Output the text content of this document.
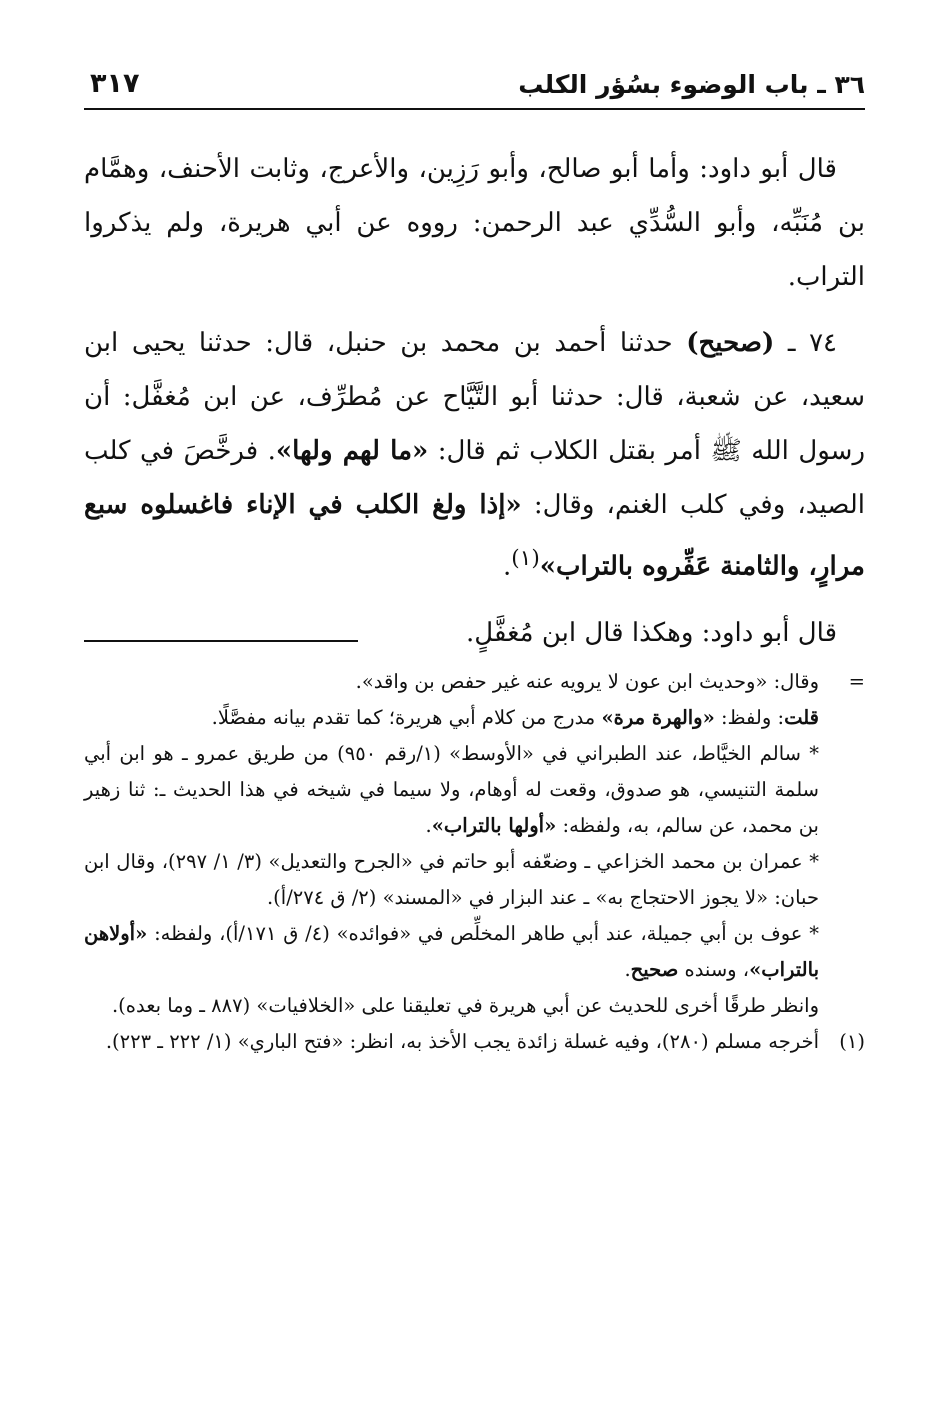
٣٦ ـ باب الوضوء بسُؤر الكلب
٣١٧

قال أبو داود: وأما أبو صالح، وأبو رَزِين، والأعرج، وثابت الأحنف، وهمَّام بن مُنَبِّه، وأبو السُّدِّي عبد الرحمن: رووه عن أبي هريرة، ولم يذكروا التراب.

٧٤ ـ (صحيح) حدثنا أحمد بن محمد بن حنبل، قال: حدثنا يحيى ابن سعيد، عن شعبة، قال: حدثنا أبو التَّيَّاح عن مُطرِّف، عن ابن مُغفَّل: أن رسول الله ﷺ أمر بقتل الكلاب ثم قال: «ما لهم ولها». فرخَّصَ في كلب الصيد، وفي كلب الغنم، وقال: «إذا ولغ الكلب في الإناء فاغسلوه سبع مرارٍ، والثامنة عَفِّروه بالتراب»$^{(١)}$.

قال أبو داود: وهكذا قال ابن مُغفَّلٍ.

=

وقال: «وحديث ابن عون لا يرويه عنه غير حفص بن واقد».

قلت: ولفظ: «والهرة مرة» مدرج من كلام أبي هريرة؛ كما تقدم بيانه مفصَّلًا.

* سالم الخيَّاط، عند الطبراني في «الأوسط» (١/رقم ٩٥٠) من طريق عمرو ـ هو ابن أبي سلمة التنيسي، هو صدوق، وقعت له أوهام، ولا سيما في شيخه في هذا الحديث ـ: ثنا زهير بن محمد، عن سالم، به، ولفظه: «أولها بالتراب».

* عمران بن محمد الخزاعي ـ وضعّفه أبو حاتم في «الجرح والتعديل» (٣/ ١/ ٢٩٧)، وقال ابن حبان: «لا يجوز الاحتجاج به» ـ عند البزار في «المسند» (٢/ ق ٢٧٤/أ).

* عوف بن أبي جميلة، عند أبي طاهر المخلِّص في «فوائده» (٤/ ق ١٧١/أ)، ولفظه: «أولاهن بالتراب»، وسنده صحيح.

وانظر طرقًا أخرى للحديث عن أبي هريرة في تعليقنا على «الخلافيات» (٨٨٧ ـ وما بعده).

(١)

أخرجه مسلم (٢٨٠)، وفيه غسلة زائدة يجب الأخذ به، انظر: «فتح الباري» (١/ ٢٢٢ ـ ٢٢٣).
